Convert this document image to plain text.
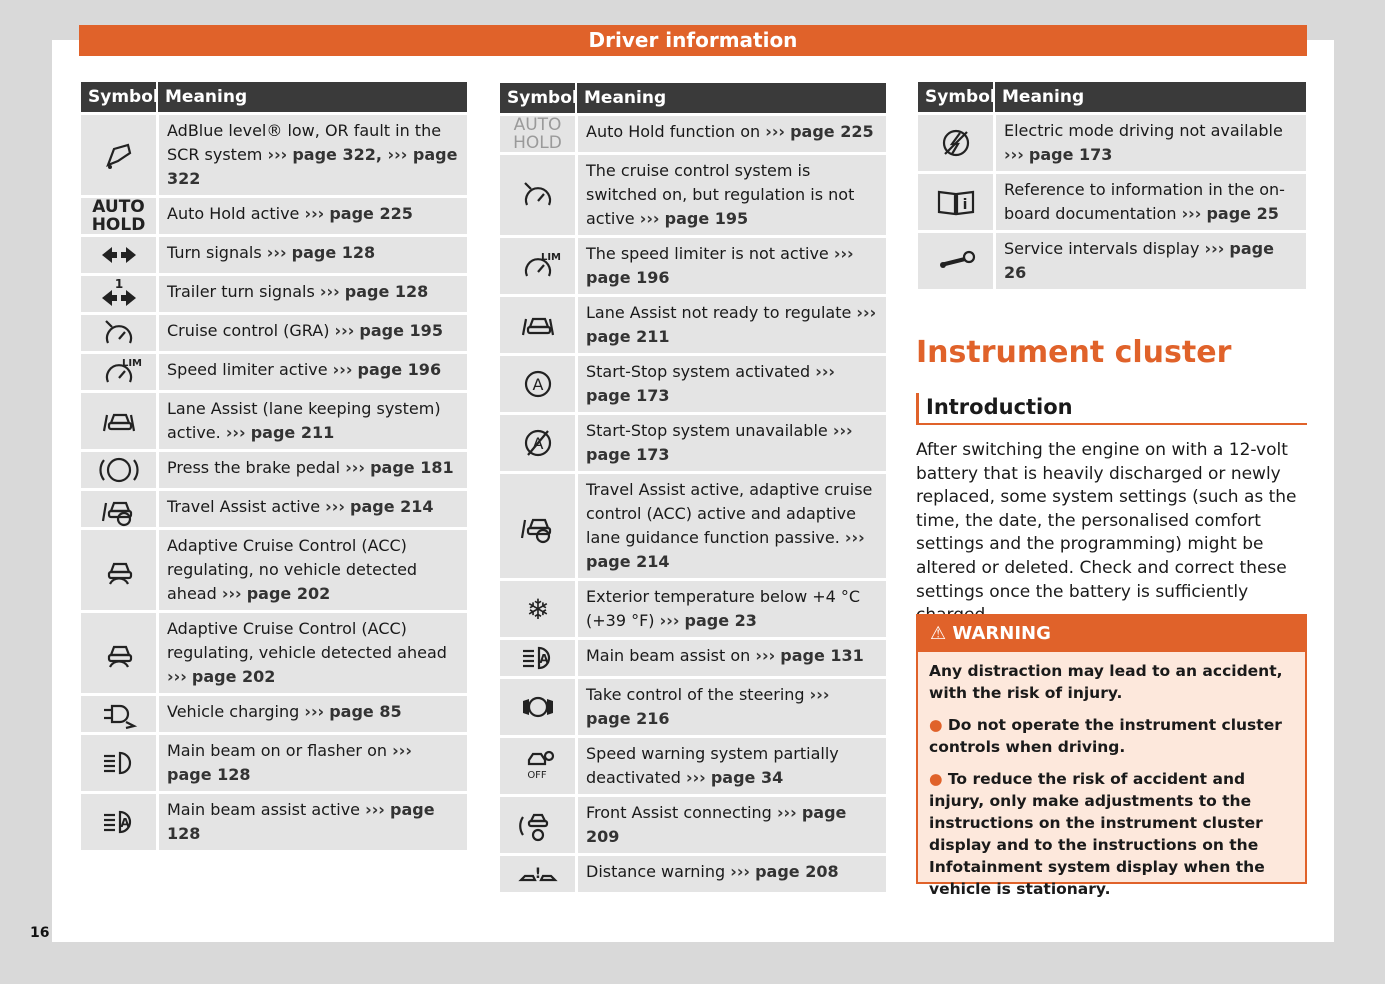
Driver information
Symbol	Meaning
	AdBlue level® low, OR fault in the SCR system ››› page 322, ››› page 322
AUTO HOLD	Auto Hold active ››› page 225
	Turn signals ››› page 128

1	Trailer turn signals ››› page 128
	Cruise control (GRA) ››› page 195

LIM	Speed limiter active ››› page 196
	Lane Assist (lane keeping system) active. ››› page 211
	Press the brake pedal ››› page 181
	Travel Assist active ››› page 214
	Adaptive Cruise Control (ACC) regulating, no vehicle detected ahead ››› page 202
	Adaptive Cruise Control (ACC) regulating, vehicle detected ahead ››› page 202
	Vehicle charging ››› page 85
	Main beam on or flasher on ››› page 128

A	Main beam assist active ››› page 128
Symbol	Meaning
AUTO HOLD	Auto Hold function on ››› page 225
	The cruise control system is switched on, but regulation is not active ››› page 195

LIM	The speed limiter is not active ››› page 196
	Lane Assist not ready to regulate ››› page 211

A	Start-Stop system activated ››› page 173

A	Start-Stop system unavailable ››› page 173
	Travel Assist active, adaptive cruise control (ACC) active and adaptive lane guidance function passive. ››› page 214

❄	Exterior temperature below +4 °C (+39 °F) ››› page 23

A	Main beam assist on ››› page 131
	Take control of the steering ››› page 216

OFF	Speed warning system partially deactivated ››› page 34
	Front Assist connecting ››› page 209

!	Distance warning ››› page 208
Symbol	Meaning
	Electric mode driving not available ››› page 173

i	Reference to information in the on-board documentation ››› page 25
	Service intervals display ››› page 26
Instrument cluster
Introduction
After switching the engine on with a 12-volt battery that is heavily discharged or newly replaced, some system settings (such as the time, the date, the personalised comfort settings and the programming) might be altered or deleted. Check and correct these settings once the battery is sufficiently
⚠ WARNING

Any distraction may lead to an accident, with the risk of injury.

● Do not operate the instrument cluster controls when driving.

● To reduce the risk of accident and injury, only make adjustments to the instructions on the instrument cluster display and to the instructions on the Infotainment system display when the vehicle is stationary.

16
